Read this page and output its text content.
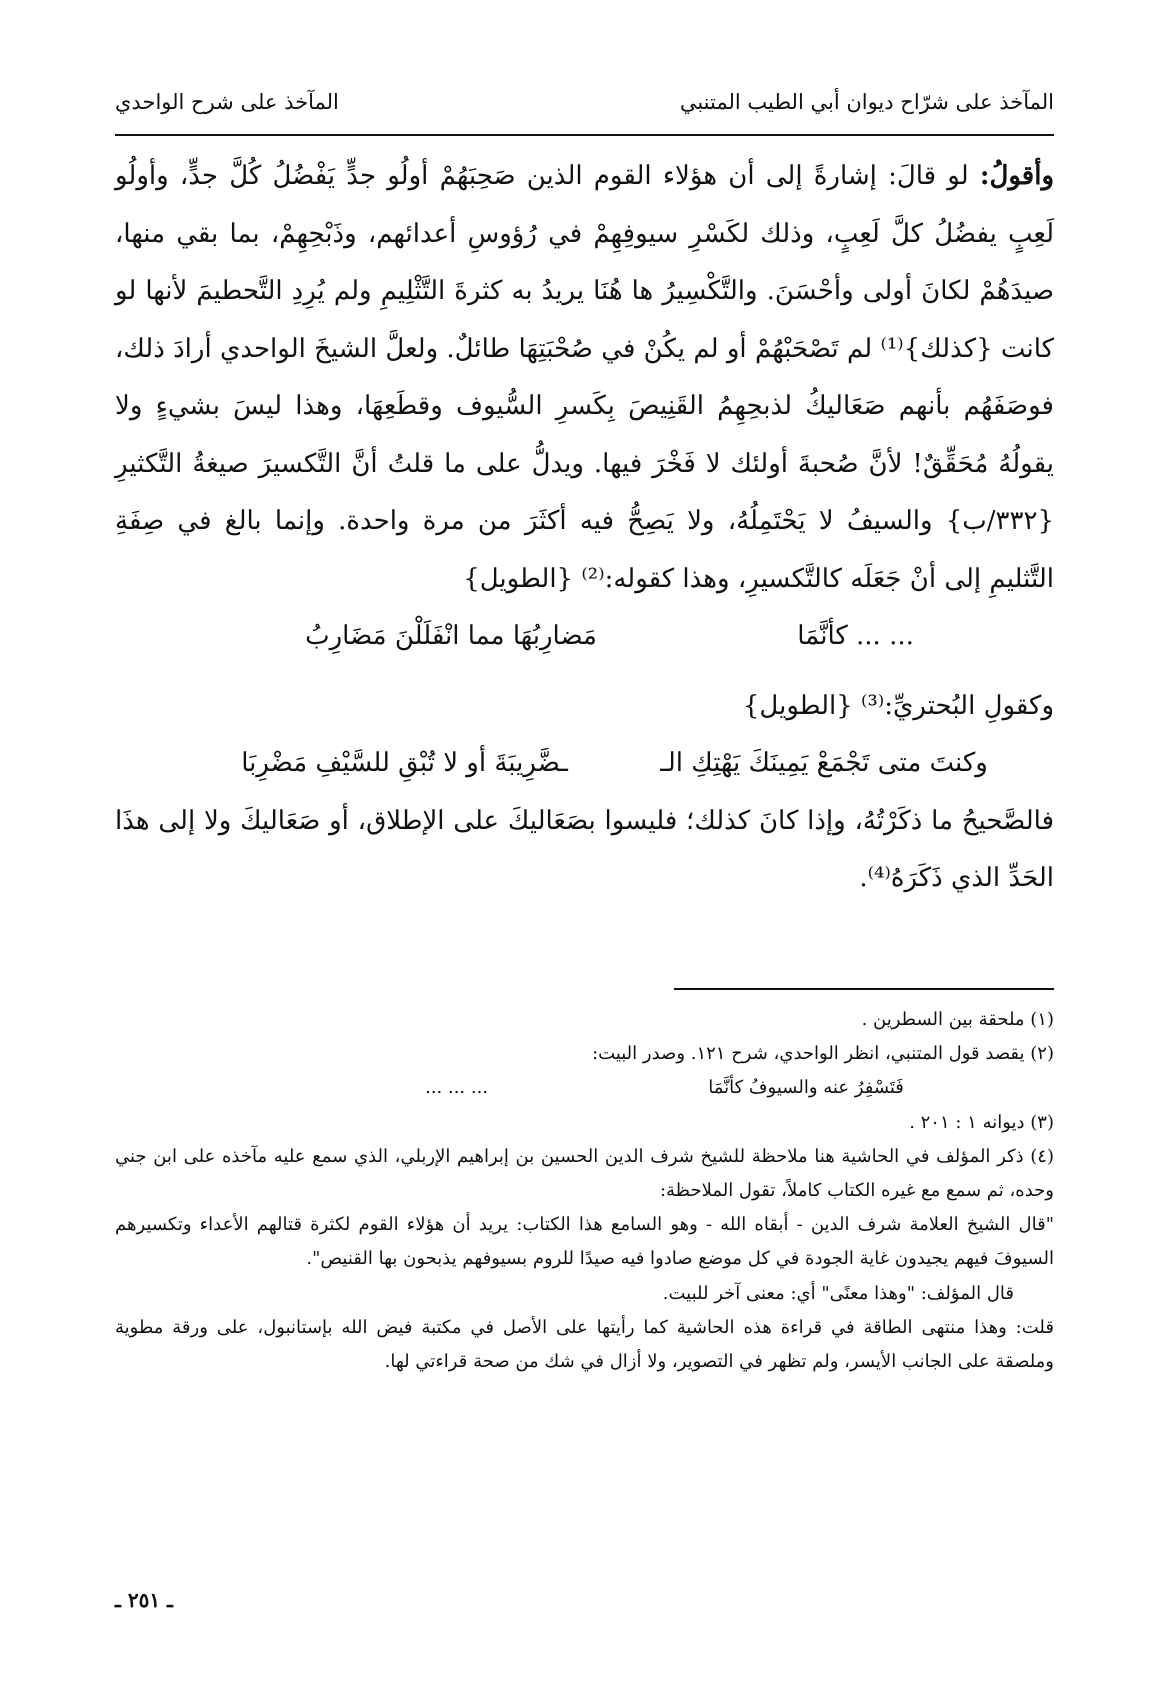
المآخذ على شرّاح ديوان أبي الطيب المتنبي
المآخذ على شرح الواحدي

وأقولُ: لو قالَ: إشارةً إلى أن هؤلاء القوم الذين صَحِبَهُمْ أولُو جدٍّ يَفْضُلُ كُلَّ جدٍّ، وأولُو لَعِبٍ يفضُلُ كلَّ لَعِبٍ، وذلك لكَسْرِ سيوفِهِمْ في رُؤوسِ أعدائهم، وذَبْحِهِمْ، بما بقي منها، صيدَهُمْ لكانَ أولى وأحْسَنَ. والتَّكْسِيرُ ها هُنَا يريدُ به كثرةَ التَّثْلِيمِ ولم يُرِدِ التَّحطيمَ لأنها لو كانت {كذلك}⁽¹⁾ لم تَصْحَبْهُمْ أو لم يكُنْ في صُحْبَتِهَا طائلٌ. ولعلَّ الشيخَ الواحدي أرادَ ذلك، فوصَفَهُم بأنهم صَعَاليكُ لذبحِهِمُ القَنِيصَ بِكَسرِ السُّيوف وقطَعِهَا، وهذا ليسَ بشيءٍ ولا يقولُهُ مُحَقِّقٌ! لأنَّ صُحبةَ أولئك لا فَخْرَ فيها. ويدلُّ على ما قلتُ أنَّ التَّكسيرَ صيغةُ التَّكثيرِ {٣٣٢/ب} والسيفُ لا يَحْتَمِلُهُ، ولا يَصِحُّ فيه أكثَرَ من مرة واحدة. وإنما بالغ في صِفَةِ التَّثليمِ إلى أنْ جَعَلَه كالتَّكسيرِ، وهذا كقوله:⁽²⁾ {الطويل}

... ... كأنَّمَا
مَضارِبُهَا مما انْفَلَلْنَ مَضَارِبُ

وكقولِ البُحتريِّ:⁽³⁾ {الطويل}

وكنتَ متى تَجْمَعْ يَمِينَكَ يَهْتِكِ الـ
ـضَّرِيبَةَ أو لا تُبْقِ للسَّيْفِ مَضْرِبَا

فالصَّحيحُ ما ذكَرْتُهُ، وإذا كانَ كذلك؛ فليسوا بصَعَاليكَ على الإطلاق، أو صَعَاليكَ ولا إلى هذَا الحَدِّ الذي ذَكَرَهُ⁽⁴⁾.

(١) ملحقة بين السطرين .

(٢) يقصد قول المتنبي، انظر الواحدي، شرح ١٢١. وصدر البيت:

فَتَسْفِرُ عنه والسيوفُ كأنَّمَا
... ... ...

(٣) ديوانه ١ : ٢٠١ .

(٤) ذكر المؤلف في الحاشية هنا ملاحظة للشيخ شرف الدين الحسين بن إبراهيم الإربلي، الذي سمع عليه مآخذه على ابن جني وحده، ثم سمع مع غيره الكتاب كاملاً، تقول الملاحظة:

"قال الشيخ العلامة شرف الدين - أبقاه الله - وهو السامع هذا الكتاب: يريد أن هؤلاء القوم لكثرة قتالهم الأعداء وتكسيرهم السيوفَ فيهم يجيدون غاية الجودة في كل موضع صادوا فيه صيدًا للروم بسيوفهم يذبحون بها القنيص".

قال المؤلف: "وهذا معنًى" أي: معنى آخر للبيت.

قلت: وهذا منتهى الطاقة في قراءة هذه الحاشية كما رأيتها على الأصل في مكتبة فيض الله بإستانبول، على ورقة مطوية وملصقة على الجانب الأيسر، ولم تظهر في التصوير، ولا أزال في شك من صحة قراءتي لها.

ـ ٢٥١ ـ
